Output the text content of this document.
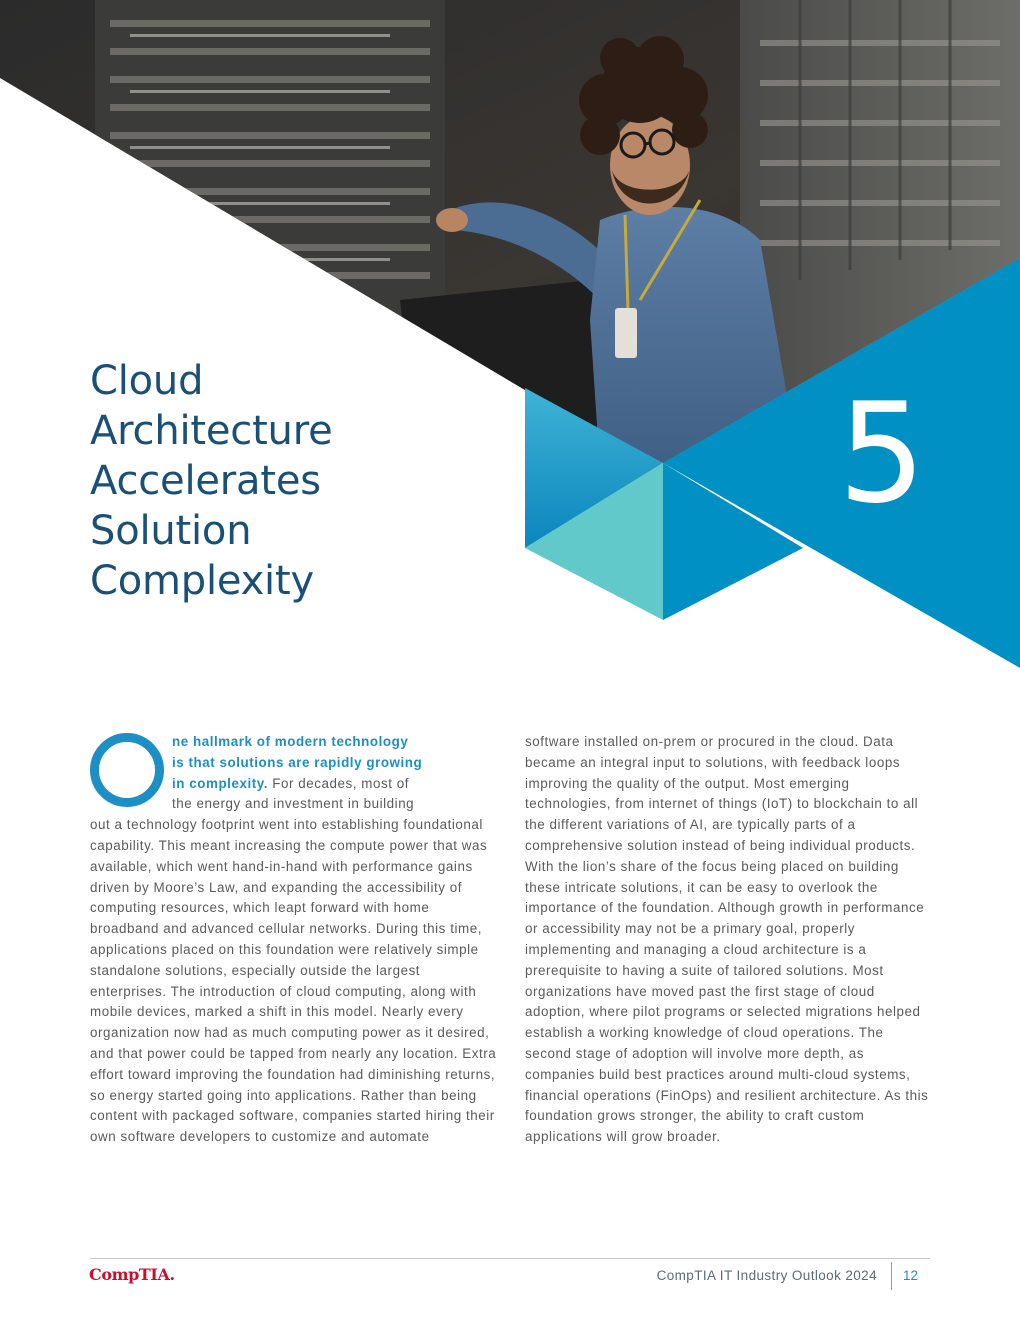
Cloud
Architecture
Accelerates
Solution
Complexity
5
ne hallmark of modern technology
is that solutions are rapidly growing
in complexity. For decades, most of
the energy and investment in building
out a technology footprint went into establishing foundational capability. This meant increasing the compute power that was available, which went hand-in-hand with performance gains driven by Moore’s Law, and expanding the accessibility of computing resources, which leapt forward with home broadband and advanced cellular networks. During this time, applications placed on this foundation were relatively simple standalone solutions, especially outside the largest enterprises. The introduction of cloud computing, along with mobile devices, marked a shift in this model. Nearly every organization now had as much computing power as it desired, and that power could be tapped from nearly any location. Extra effort toward improving the foundation had diminishing returns, so energy started going into applications. Rather than being content with packaged software, companies started hiring their own software developers to customize and automate
software installed on-prem or procured in the cloud. Data became an integral input to solutions, with feedback loops improving the quality of the output. Most emerging technologies, from internet of things (IoT) to blockchain to all the different variations of AI, are typically parts of a comprehensive solution instead of being individual products. With the lion’s share of the focus being placed on building these intricate solutions, it can be easy to overlook the importance of the foundation. Although growth in performance or accessibility may not be a primary goal, properly implementing and managing a cloud architecture is a prerequisite to having a suite of tailored solutions. Most organizations have moved past the first stage of cloud adoption, where pilot programs or selected migrations helped establish a working knowledge of cloud operations. The second stage of adoption will involve more depth, as companies build best practices around multi-cloud systems, financial operations (FinOps) and resilient architecture. As this foundation grows stronger, the ability to craft custom applications will grow broader.
CompTIA.	CompTIA IT Industry Outlook 2024 12
